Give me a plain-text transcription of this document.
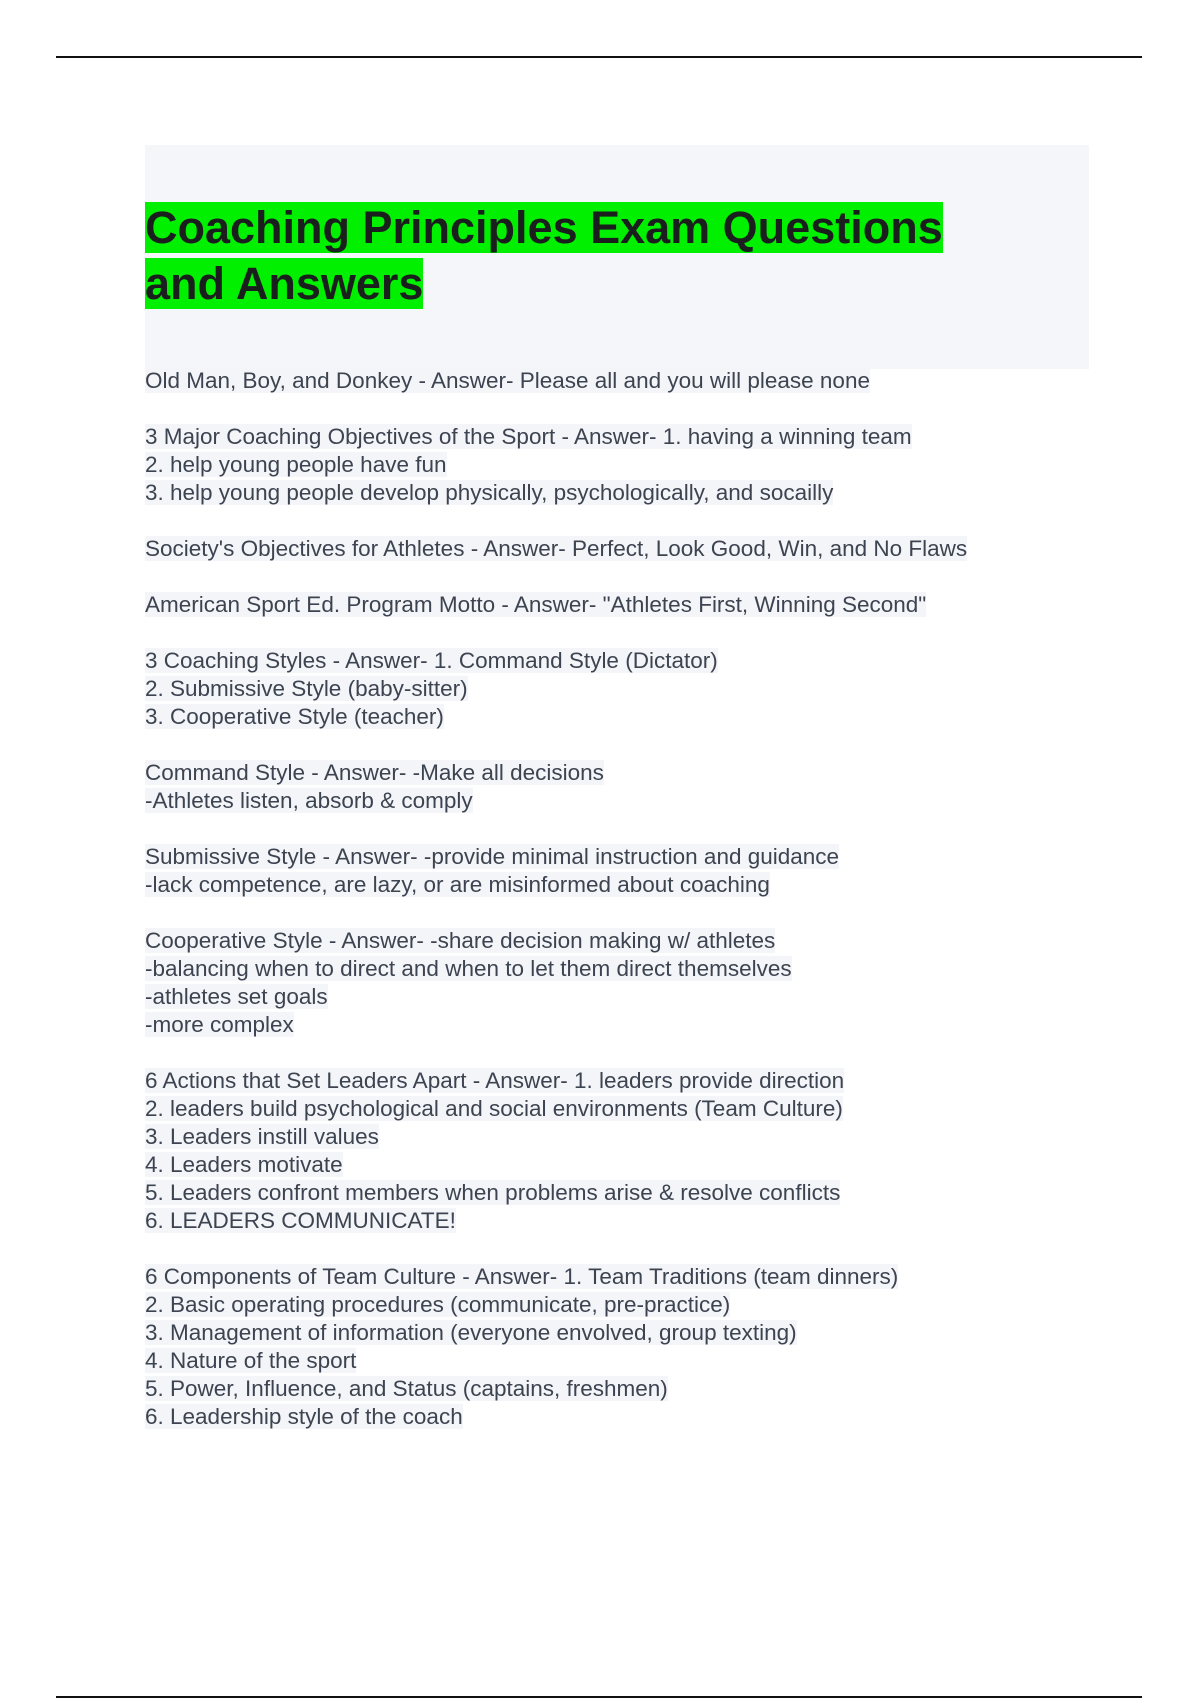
Coaching Principles Exam Questions
and Answers
Old Man, Boy, and Donkey - Answer- Please all and you will please none
3 Major Coaching Objectives of the Sport - Answer- 1. having a winning team
2. help young people have fun
3. help young people develop physically, psychologically, and socailly
Society's Objectives for Athletes - Answer- Perfect, Look Good, Win, and No Flaws
American Sport Ed. Program Motto - Answer- "Athletes First, Winning Second"
3 Coaching Styles - Answer- 1. Command Style (Dictator)
2. Submissive Style (baby-sitter)
3. Cooperative Style (teacher)
Command Style - Answer- -Make all decisions
-Athletes listen, absorb & comply
Submissive Style - Answer- -provide minimal instruction and guidance
-lack competence, are lazy, or are misinformed about coaching
Cooperative Style - Answer- -share decision making w/ athletes
-balancing when to direct and when to let them direct themselves
-athletes set goals
-more complex
6 Actions that Set Leaders Apart - Answer- 1. leaders provide direction
2. leaders build psychological and social environments (Team Culture)
3. Leaders instill values
4. Leaders motivate
5. Leaders confront members when problems arise & resolve conflicts
6. LEADERS COMMUNICATE!
6 Components of Team Culture - Answer- 1. Team Traditions (team dinners)
2. Basic operating procedures (communicate, pre-practice)
3. Management of information (everyone envolved, group texting)
4. Nature of the sport
5. Power, Influence, and Status (captains, freshmen)
6. Leadership style of the coach
